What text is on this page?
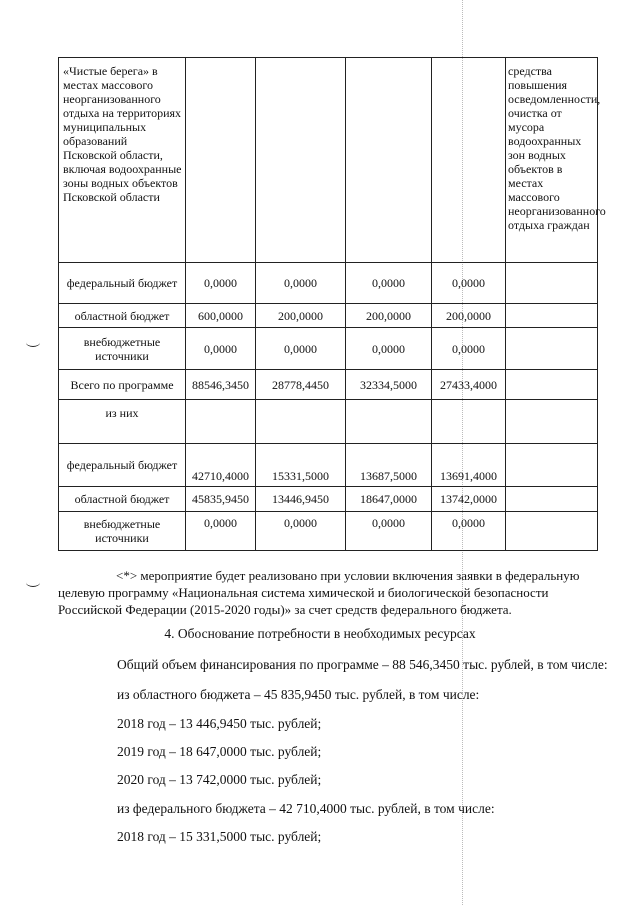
«Чистые берега» в местах массового неорганизованного отдыха на территориях муниципальных образований Псковской области, включая водоохранные зоны водных объектов Псковской области					средства повышения осведомленности, очистка от мусора водоохранных зон водных объектов в местах массового неорганизованного отдыха граждан
федеральный бюджет	0,0000	0,0000	0,0000	0,0000	
областной бюджет	600,0000	200,0000	200,0000	200,0000	
внебюджетные источники	0,0000	0,0000	0,0000	0,0000	
Всего по программе	88546,3450	28778,4450	32334,5000	27433,4000	
из них					
федеральный бюджет	42710,4000	15331,5000	13687,5000	13691,4000	
областной бюджет	45835,9450	13446,9450	18647,0000	13742,0000	
внебюджетные источники	0,0000	0,0000	0,0000	0,0000	
<*> мероприятие будет реализовано при условии включения заявки в федеральную
целевую программу «Национальная система химической и биологической безопасности
Российской Федерации (2015-2020 годы)» за счет средств федерального бюджета.
4. Обоснование потребности в необходимых ресурсах
Общий объем финансирования по программе – 88 546,3450 тыс. рублей, в том числе:
из областного бюджета – 45 835,9450 тыс. рублей, в том числе:
2018 год – 13 446,9450 тыс. рублей;
2019 год – 18 647,0000 тыс. рублей;
2020 год – 13 742,0000 тыс. рублей;
из федерального бюджета – 42 710,4000 тыс. рублей, в том числе:
2018 год – 15 331,5000 тыс. рублей;
